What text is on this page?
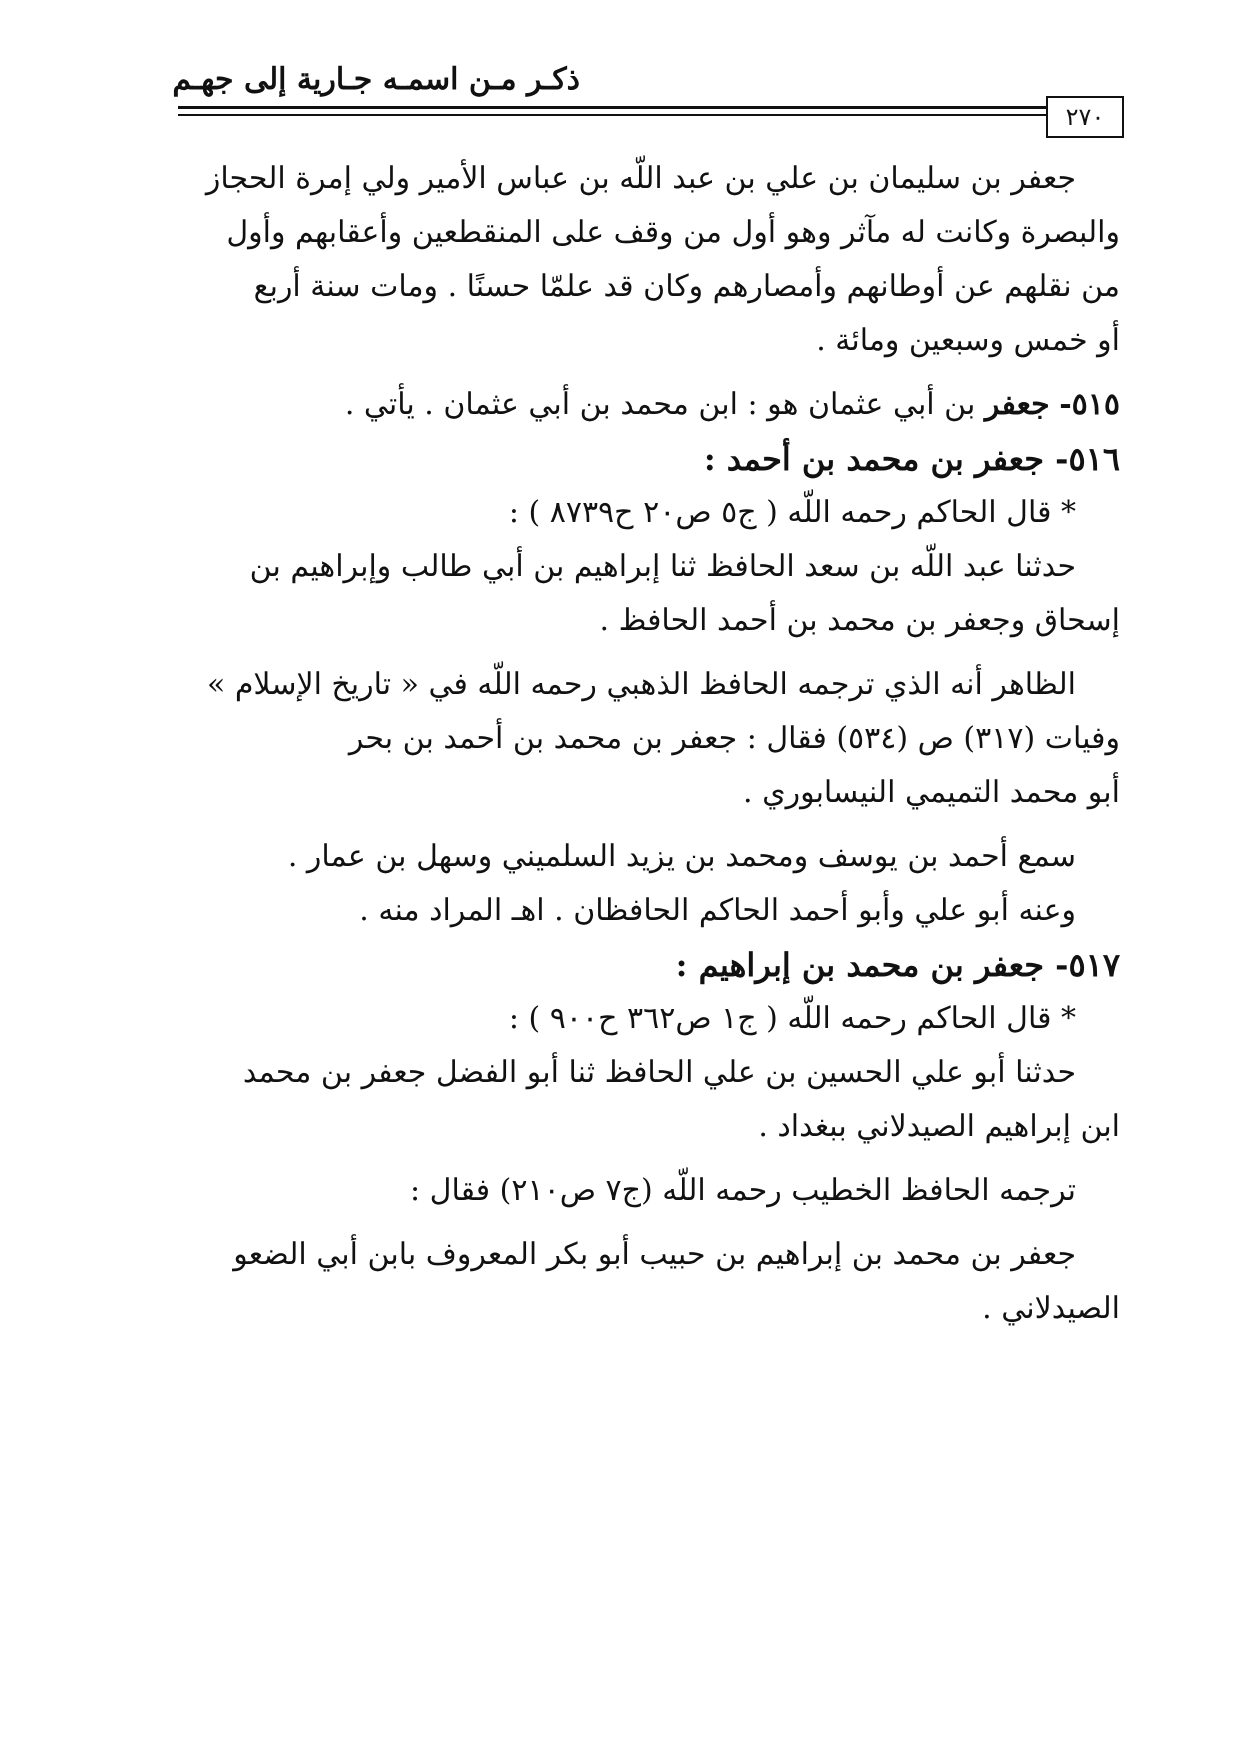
ذكـر مـن اسمـه جـارية إلى جهـم
٢٧٠

جعفر بن سليمان بن علي بن عبد اللّه بن عباس الأمير ولي إمرة الحجاز

والبصرة وكانت له مآثر وهو أول من وقف على المنقطعين وأعقابهم وأول

من نقلهم عن أوطانهم وأمصارهم وكان قد علمّا حسنًا . ومات سنة أربع

أو خمس وسبعين ومائة .

٥١٥- جعفر بن أبي عثمان هو : ابن محمد بن أبي عثمان . يأتي .

٥١٦- جعفر بن محمد بن أحمد :

* قال الحاكم رحمه اللّه ( ج٥ ص٢٠ ح٨٧٣٩ ) :

حدثنا عبد اللّه بن سعد الحافظ ثنا إبراهيم بن أبي طالب وإبراهيم بن

إسحاق وجعفر بن محمد بن أحمد الحافظ .

الظاهر أنه الذي ترجمه الحافظ الذهبي رحمه اللّه في « تاريخ الإسلام »

وفيات (٣١٧) ص (٥٣٤) فقال : جعفر بن محمد بن أحمد بن بحر

أبو محمد التميمي النيسابوري .

سمع أحمد بن يوسف ومحمد بن يزيد السلميني وسهل بن عمار .

وعنه أبو علي وأبو أحمد الحاكم الحافظان . اهـ المراد منه .

٥١٧- جعفر بن محمد بن إبراهيم :

* قال الحاكم رحمه اللّه ( ج١ ص٣٦٢ ح٩٠٠ ) :

حدثنا أبو علي الحسين بن علي الحافظ ثنا أبو الفضل جعفر بن محمد

ابن إبراهيم الصيدلاني ببغداد .

ترجمه الحافظ الخطيب رحمه اللّه (ج٧ ص٢١٠) فقال :

جعفر بن محمد بن إبراهيم بن حبيب أبو بكر المعروف بابن أبي الضعو

الصيدلاني .
